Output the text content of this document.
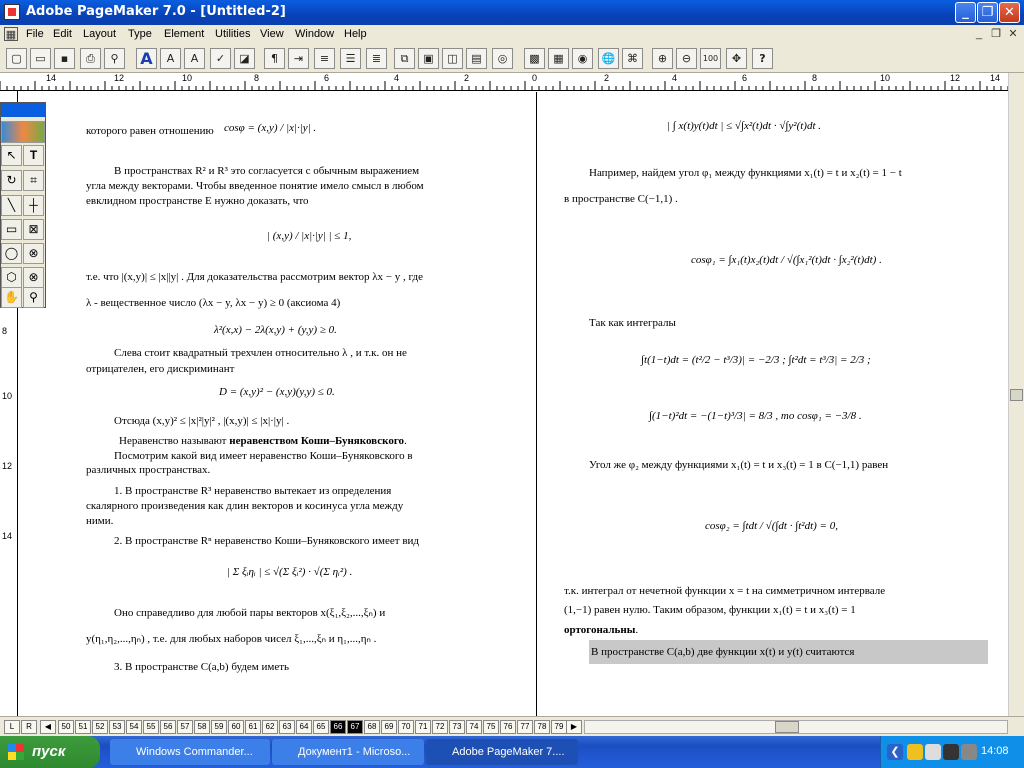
Adobe PageMaker 7.0 - [Untitled-2]	_ ❐ ✕
▦ File Edit Layout Type Element Utilities View Window Help	_ ❐ ✕
▢	▭	▪	⎙	⚲	A	A	A	✓	◪	¶	⇥	≡	☰	≣	⧉	▣	◫	▤	◎	▩	▦	◉	🌐	⌘	⊕	⊖	100	✥	?
14	12	10	8	6	4	2	0	2	4	6	8	10	12	14
8
10
12
14
которого равен отношению cosφ = (x,y) / |x|·|y| .
В пространствах R² и R³ это согласуется с обычным выражением
угла между векторами. Чтобы введенное понятие имело смысл в любом
евклидном пространстве Ε нужно доказать, что
| (x,y) / |x|·|y| | ≤ 1,
т.е. что |(x,y)| ≤ |x||y| . Для доказательства рассмотрим вектор λx − y , где
λ - вещественное число (λx − y, λx − y) ≥ 0 (аксиома 4)
λ²(x,x) − 2λ(x,y) + (y,y) ≥ 0.
Слева стоит квадратный трехчлен относительно λ , и т.к. он не
отрицателен, его дискриминант
D = (x,y)² − (x,y)(y,y) ≤ 0.
Отсюда (x,y)² ≤ |x|²|y|² , |(x,y)| ≤ |x|·|y| .
Неравенство называют неравенством Коши–Буняковского.
Посмотрим какой вид имеет неравенство Коши–Буняковского в
различных пространствах.
1. В пространстве R³ неравенство вытекает из определения
скалярного произведения как длин векторов и косинуса угла между
ними.
2. В пространстве Rⁿ неравенство Коши–Буняковского имеет вид
| Σ ξᵢηᵢ | ≤ √(Σ ξᵢ²) · √(Σ ηᵢ²) .
Оно справедливо для любой пары векторов x(ξ₁,ξ₂,...,ξₙ) и
y(η₁,η₂,...,ηₙ) , т.е. для любых наборов чисел ξ₁,...,ξₙ и η₁,...,ηₙ .
3. В пространстве C(a,b) будем иметь
| ∫ x(t)y(t)dt | ≤ √∫x²(t)dt · √∫y²(t)dt .
Например, найдем угол φ₁ между функциями x₁(t) = t и x₂(t) = 1 − t
в пространстве C(−1,1) .
cosφ₁ = ∫x₁(t)x₂(t)dt / √(∫x₁²(t)dt · ∫x₂²(t)dt) .
Так как интегралы
∫t(1−t)dt = (t²/2 − t³/3)| = −2/3 ; ∫t²dt = t³/3| = 2/3 ;
∫(1−t)²dt = −(1−t)³/3| = 8/3 , то cosφ₁ = −3/8 .
Угол же φ₂ между функциями x₁(t) = t и x₃(t) = 1 в C(−1,1) равен
cosφ₂ = ∫tdt / √(∫dt · ∫t²dt) = 0,
т.к. интеграл от нечетной функции x = t на симметричном интервале
(1,−1) равен нулю. Таким образом, функции x₁(t) = t и x₃(t) = 1
ортогональны.
В пространстве C(a,b) две функции x(t) и y(t) считаются
↖	T
↻	⌗
╲	┼
▭ ⊠
◯ ⊗
⬡ ⊗
✋ ⚲
L	R	◀	50	51	52	53	54	55	56	57	58	59	60	61	62	63	64	65	66	67	68	69	70	71	72	73	74	75	76	77	78	79 ▶
пуск	Windows Commander...	Документ1 - Microso...	Adobe PageMaker 7....	❮	14:08
